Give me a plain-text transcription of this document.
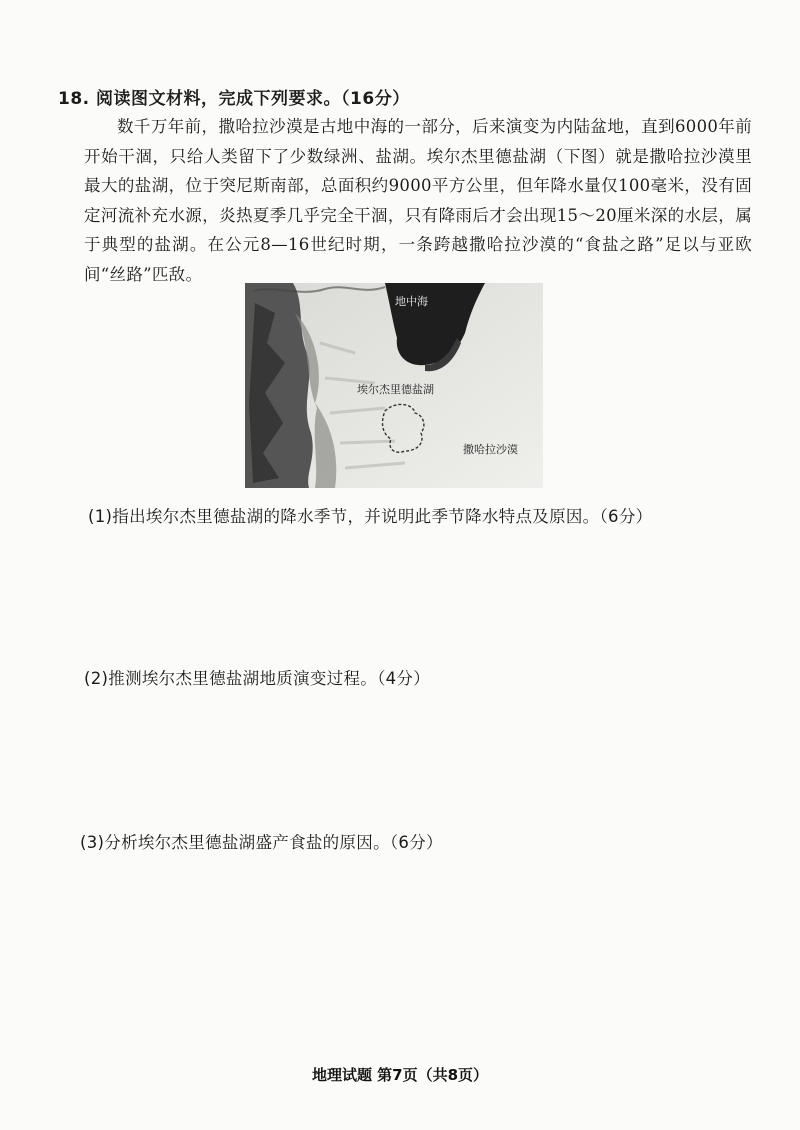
18. 阅读图文材料，完成下列要求。（16分）
数千万年前，撒哈拉沙漠是古地中海的一部分，后来演变为内陆盆地，直到6000年前开始干涸，只给人类留下了少数绿洲、盐湖。埃尔杰里德盐湖（下图）就是撒哈拉沙漠里最大的盐湖，位于突尼斯南部，总面积约9000平方公里，但年降水量仅100毫米，没有固定河流补充水源，炎热夏季几乎完全干涸，只有降雨后才会出现15～20厘米深的水层，属于典型的盐湖。在公元8—16世纪时期，一条跨越撒哈拉沙漠的“食盐之路”足以与亚欧间“丝路”匹敌。
地中海
埃尔杰里德盐湖
撒哈拉沙漠
(1)指出埃尔杰里德盐湖的降水季节，并说明此季节降水特点及原因。（6分）
(2)推测埃尔杰里德盐湖地质演变过程。（4分）
(3)分析埃尔杰里德盐湖盛产食盐的原因。（6分）
地理试题 第7页（共8页）
